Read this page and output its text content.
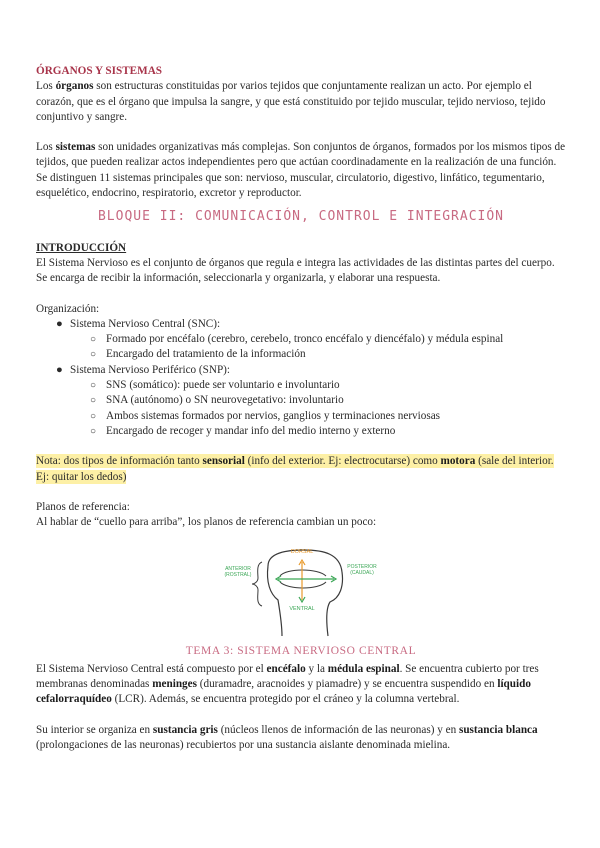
ÓRGANOS Y SISTEMAS

Los órganos son estructuras constituidas por varios tejidos que conjuntamente realizan un acto. Por ejemplo el corazón, que es el órgano que impulsa la sangre, y que está constituido por tejido muscular, tejido nervioso, tejido conjuntivo y sangre.

Los sistemas son unidades organizativas más complejas. Son conjuntos de órganos, formados por los mismos tipos de tejidos, que pueden realizar actos independientes pero que actúan coordinadamente en la realización de una función. Se distinguen 11 sistemas principales que son: nervioso, muscular, circulatorio, digestivo, linfático, tegumentario, esquelético, endocrino, respiratorio, excretor y reproductor.

BLOQUE II: COMUNICACIÓN, CONTROL E INTEGRACIÓN

INTRODUCCIÓN

El Sistema Nervioso es el conjunto de órganos que regula e integra las actividades de las distintas partes del cuerpo. Se encarga de recibir la información, seleccionarla y organizarla, y elaborar una respuesta.

Organización:

● Sistema Nervioso Central (SNC):
○ Formado por encéfalo (cerebro, cerebelo, tronco encéfalo y diencéfalo) y médula espinal
○ Encargado del tratamiento de la información
● Sistema Nervioso Periférico (SNP):
○ SNS (somático): puede ser voluntario e involuntario
○ SNA (autónomo) o SN neurovegetativo: involuntario
○ Ambos sistemas formados por nervios, ganglios y terminaciones nerviosas
○ Encargado de recoger y mandar info del medio interno y externo

Nota: dos tipos de información tanto sensorial (info del exterior. Ej: electrocutarse) como motora (sale del interior. Ej: quitar los dedos)

Planos de referencia:

Al hablar de “cuello para arriba”, los planos de referencia cambian un poco:

DORSAL
VENTRAL
ANTERIOR
(ROSTRAL)
POSTERIOR
(CAUDAL)
TEMA 3: SISTEMA NERVIOSO CENTRAL

El Sistema Nervioso Central está compuesto por el encéfalo y la médula espinal. Se encuentra cubierto por tres membranas denominadas meninges (duramadre, aracnoides y piamadre) y se encuentra suspendido en líquido cefalorraquídeo (LCR). Además, se encuentra protegido por el cráneo y la columna vertebral.

Su interior se organiza en sustancia gris (núcleos llenos de información de las neuronas) y en sustancia blanca (prolongaciones de las neuronas) recubiertos por una sustancia aislante denominada mielina.
